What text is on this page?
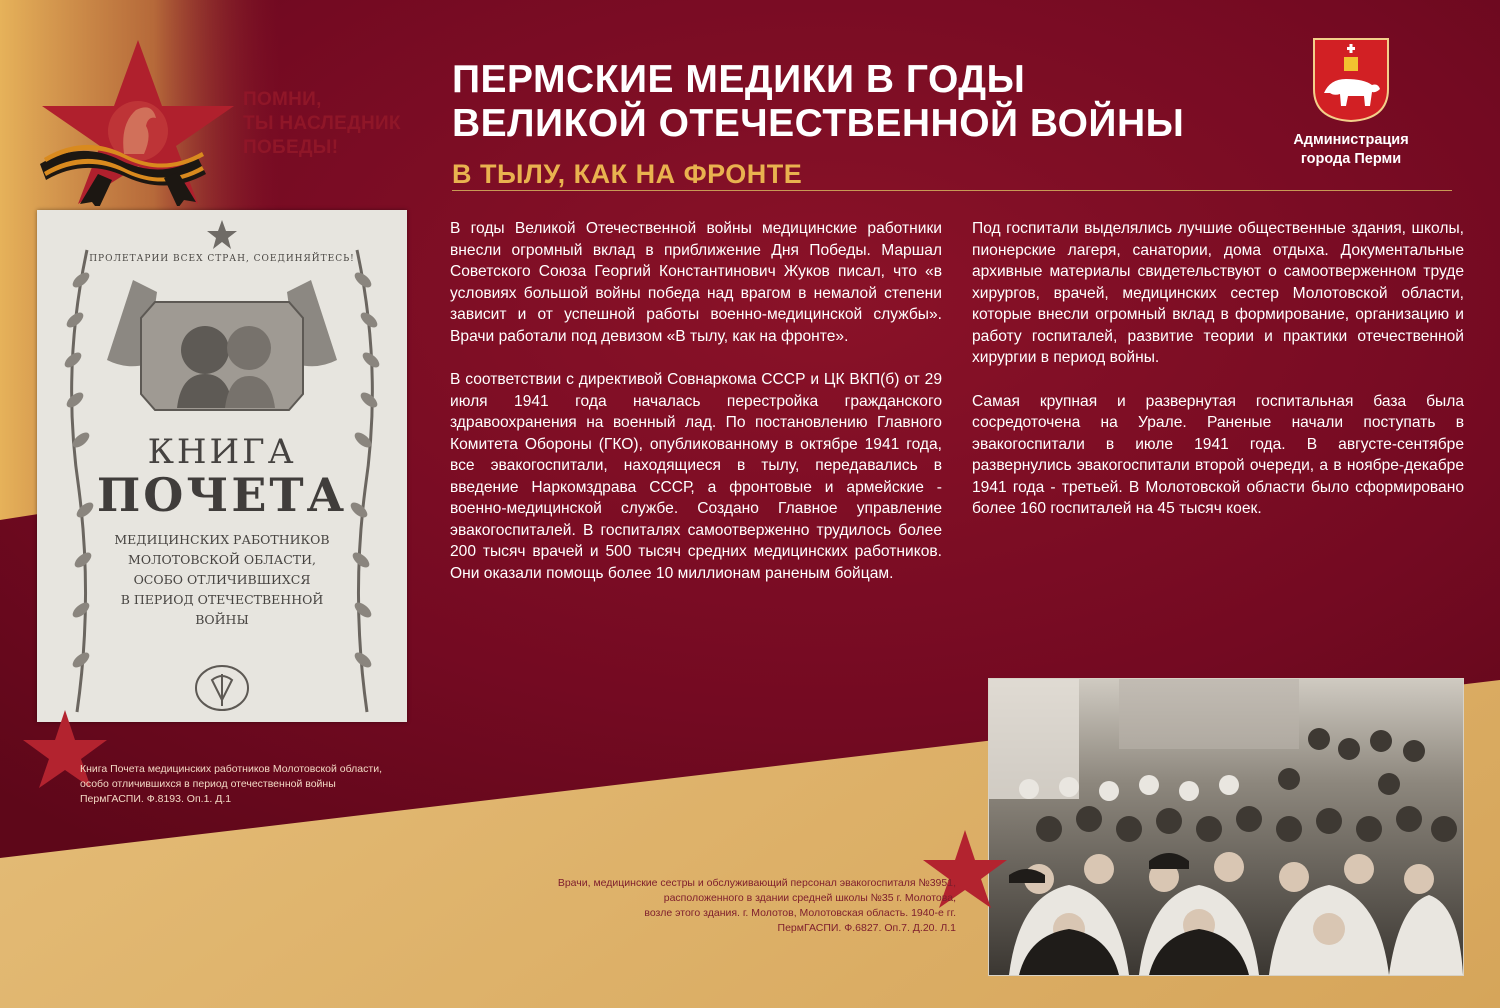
ПОМНИ,
ТЫ НАСЛЕДНИК
ПОБЕДЫ!
ПЕРМСКИЕ МЕДИКИ В ГОДЫ
ВЕЛИКОЙ ОТЕЧЕСТВЕННОЙ ВОЙНЫ
В ТЫЛУ, КАК НА ФРОНТЕ
Администрация
города Перми

ПРОЛЕТАРИИ ВСЕХ СТРАН, СОЕДИНЯЙТЕСЬ!

КНИГА

ПОЧЕТА

МЕДИЦИНСКИХ РАБОТНИКОВ
МОЛОТОВСКОЙ ОБЛАСТИ,
ОСОБО ОТЛИЧИВШИХСЯ
В ПЕРИОД ОТЕЧЕСТВЕННОЙ ВОЙНЫ

Книга Почета медицинских работников Молотовской области,
особо отличившихся в период отечественной войны
ПермГАСПИ. Ф.8193. Оп.1. Д.1

В годы Великой Отечественной войны медицинские работники внесли огромный вклад в приближение Дня Победы. Маршал Советского Союза Георгий Константинович Жуков писал, что «в условиях большой войны победа над врагом в немалой степени зависит и от успешной работы военно-медицинской службы». Врачи работали под девизом «В тылу, как на фронте».

В соответствии с директивой Совнаркома СССР и ЦК ВКП(б) от 29 июля 1941 года началась перестройка гражданского здравоохранения на военный лад. По постановлению Главного Комитета Обороны (ГКО), опубликованному в октябре 1941 года, все эвакогоспитали, находящиеся в тылу, передавались в введение Наркомздрава СССР, а фронтовые и армейские - военно-медицинской службе. Создано Главное управление эвакогоспиталей. В госпиталях самоотверженно трудилось более 200 тысяч врачей и 500 тысяч средних медицинских работников. Они оказали помощь более 10 миллионам раненым бойцам.

Под госпитали выделялись лучшие общественные здания, школы, пионерские лагеря, санатории, дома отдыха. Документальные архивные материалы свидетельствуют о самоотверженном труде хирургов, врачей, медицинских сестер Молотовской области, которые внесли огромный вклад в формирование, организацию и работу госпиталей, развитие теории и практики отечественной хирургии в период войны.

Самая крупная и развернутая госпитальная база была сосредоточена на Урале. Раненые начали поступать в эвакогоспитали в июле 1941 года. В августе-сентябре развернулись эвакогоспитали второй очереди, а в ноябре-декабре 1941 года - третьей. В Молотовской области было сформировано более 160 госпиталей на 45 тысяч коек.

Врачи, медицинские сестры и обслуживающий персонал эвакогоспиталя №3951,
расположенного в здании средней школы №35 г. Молотова,
возле этого здания. г. Молотов, Молотовская область. 1940-е гг.
ПермГАСПИ. Ф.6827. Оп.7. Д.20. Л.1
